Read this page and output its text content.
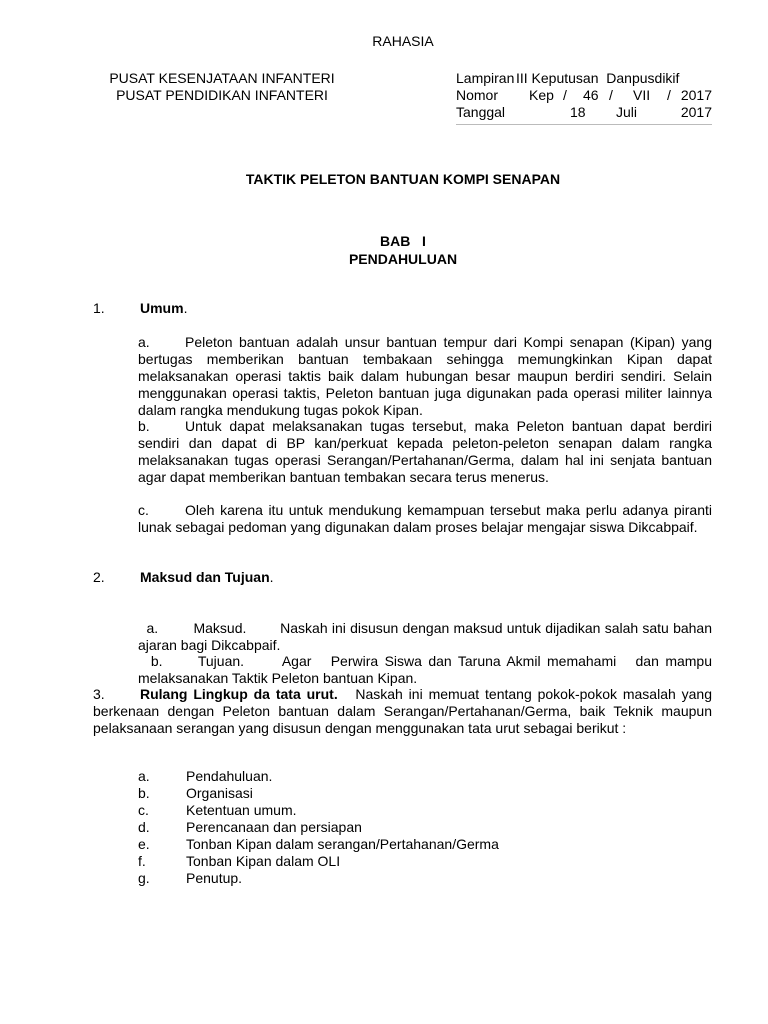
RAHASIA
PUSAT KESENJATAAN INFANTERI
PUSAT PENDIDIKAN INFANTERI
Lampiran III Keputusan  Danpusdikif
Nomor	Kep /	46 /	VII	/ 2017
Tanggal	18	Juli	2017
TAKTIK PELETON BANTUAN KOMPI SENAPAN
BAB   I
PENDAHULUAN
1.	Umum .
a.	Peleton bantuan adalah unsur bantuan tempur dari Kompi senapan (Kipan) yang bertugas memberikan bantuan tembakaan sehingga memungkinkan Kipan dapat melaksanakan operasi taktis baik dalam hubungan besar maupun berdiri sendiri. Selain menggunakan operasi taktis, Peleton bantuan juga digunakan pada operasi militer lainnya dalam rangka mendukung tugas pokok Kipan.
b.	Untuk dapat melaksanakan tugas tersebut, maka Peleton bantuan dapat berdiri sendiri dan dapat di BP kan/perkuat kepada peleton-peleton senapan dalam rangka melaksanakan tugas operasi Serangan/Pertahanan/Germa, dalam hal ini senjata bantuan agar dapat memberikan bantuan tembakan secara terus menerus.
c.	Oleh karena itu untuk mendukung kemampuan tersebut maka perlu adanya piranti lunak sebagai pedoman yang digunakan dalam proses belajar mengajar siswa Dikcabpaif.
2.	Maksud dan Tujuan .

a.	Maksud.        Naskah ini disusun dengan maksud untuk dijadikan salah satu bahan ajaran bagi Dikcabpaif.

b.	Tujuan.      Agar   Perwira Siswa dan Taruna Akmil memahami   dan mampu  melaksanakan Taktik Peleton bantuan Kipan.

3.	Rulang Lingkup da tata urut. Naskah ini memuat tentang pokok-pokok masalah yang berkenaan dengan Peleton bantuan dalam Serangan/Pertahanan/Germa, baik Teknik maupun pelaksanaan serangan yang disusun dengan menggunakan tata urut sebagai berikut :
a.	Pendahuluan.
b.	Organisasi
c.	Ketentuan umum.
d.	Perencanaan dan persiapan
e.	Tonban Kipan dalam serangan/Pertahanan/Germa
f.	Tonban Kipan dalam OLI
g.	Penutup.
